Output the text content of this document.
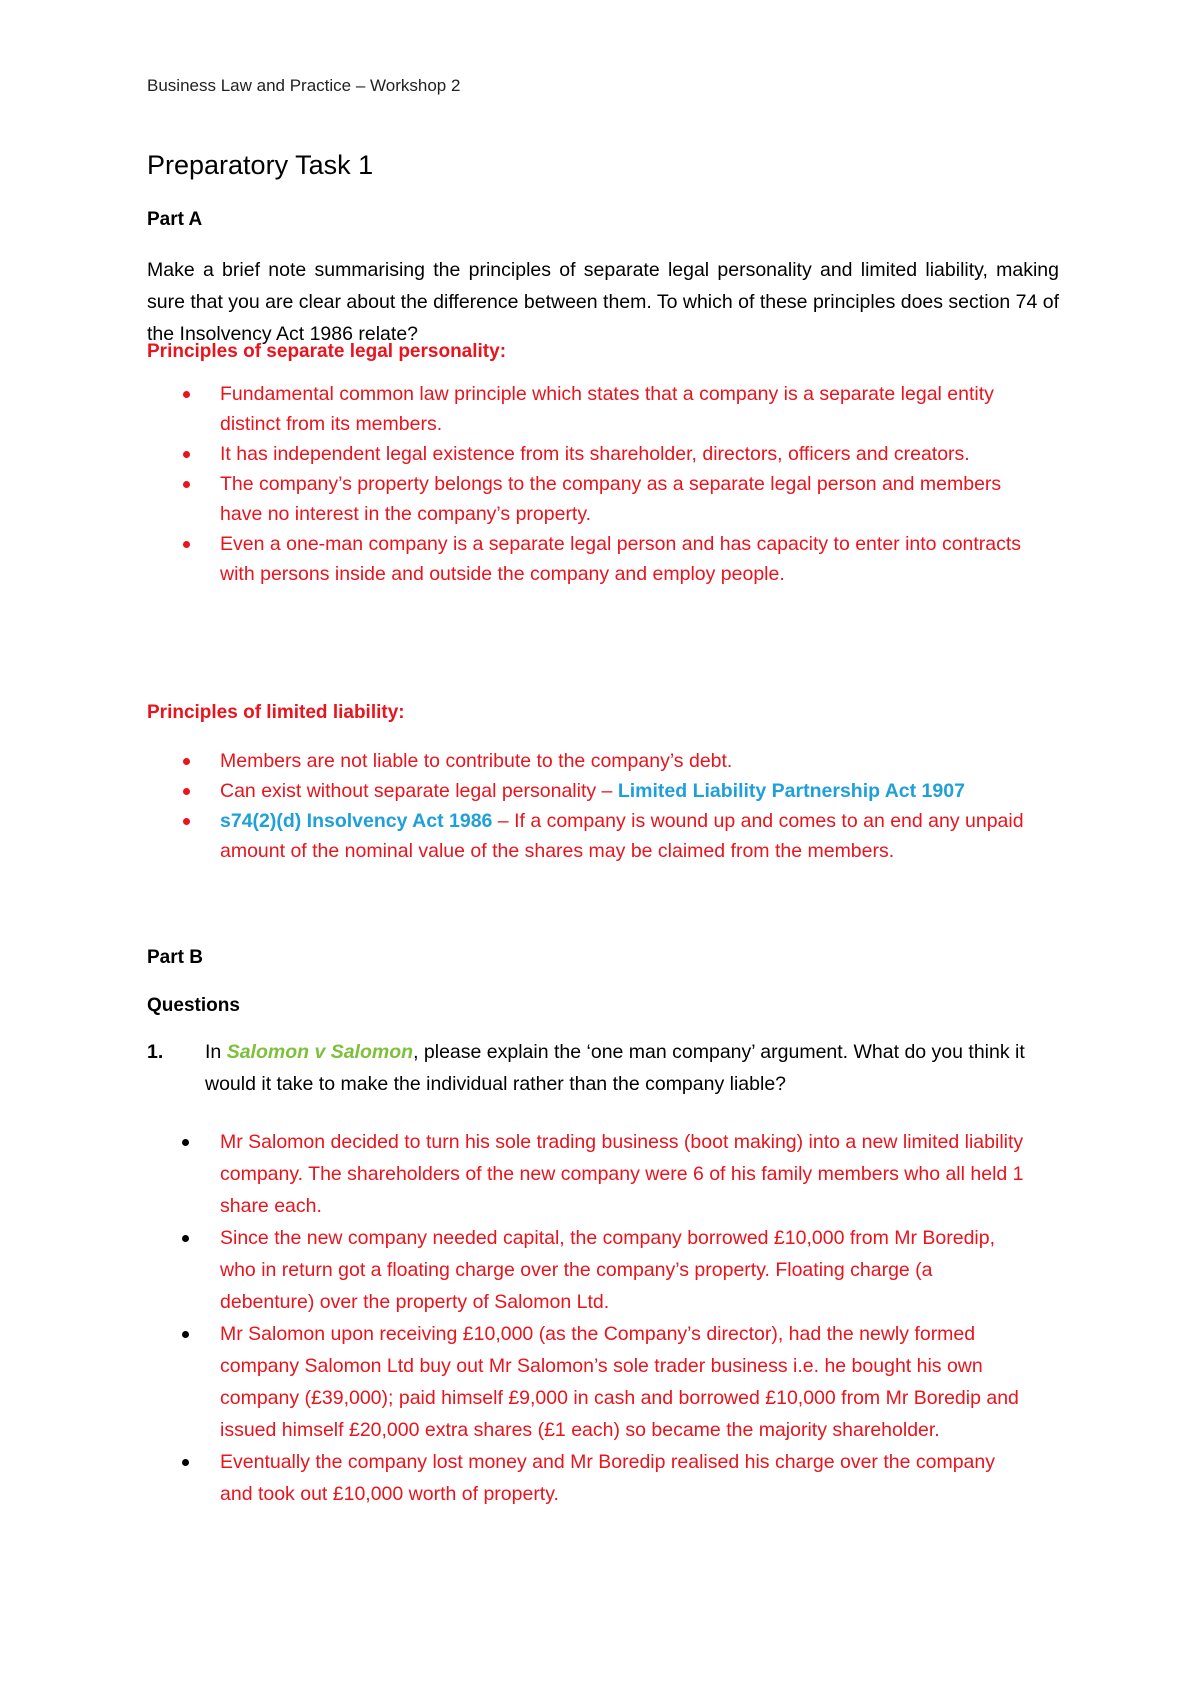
Business Law and Practice – Workshop 2
Preparatory Task 1
Part A
Make a brief note summarising the principles of separate legal personality and limited liability, making sure that you are clear about the difference between them. To which of these principles does section 74 of the Insolvency Act 1986 relate?
Principles of separate legal personality:
Fundamental common law principle which states that a company is a separate legal entity distinct from its members.
It has independent legal existence from its shareholder, directors, officers and creators.
The company’s property belongs to the company as a separate legal person and members have no interest in the company’s property.
Even a one-man company is a separate legal person and has capacity to enter into contracts with persons inside and outside the company and employ people.
Principles of limited liability:
Members are not liable to contribute to the company’s debt.
Can exist without separate legal personality – Limited Liability Partnership Act 1907
s74(2)(d) Insolvency Act 1986 – If a company is wound up and comes to an end any unpaid amount of the nominal value of the shares may be claimed from the members.
Part B
Questions
1.	In Salomon v Salomon, please explain the ‘one man company’ argument. What do you think it would it take to make the individual rather than the company liable?
Mr Salomon decided to turn his sole trading business (boot making) into a new limited liability company. The shareholders of the new company were 6 of his family members who all held 1 share each.
Since the new company needed capital, the company borrowed £10,000 from Mr Boredip, who in return got a floating charge over the company’s property. Floating charge (a debenture) over the property of Salomon Ltd.
Mr Salomon upon receiving £10,000 (as the Company’s director), had the newly formed company Salomon Ltd buy out Mr Salomon’s sole trader business i.e. he bought his own company (£39,000); paid himself £9,000 in cash and borrowed £10,000 from Mr Boredip and issued himself £20,000 extra shares (£1 each) so became the majority shareholder.
Eventually the company lost money and Mr Boredip realised his charge over the company and took out £10,000 worth of property.
